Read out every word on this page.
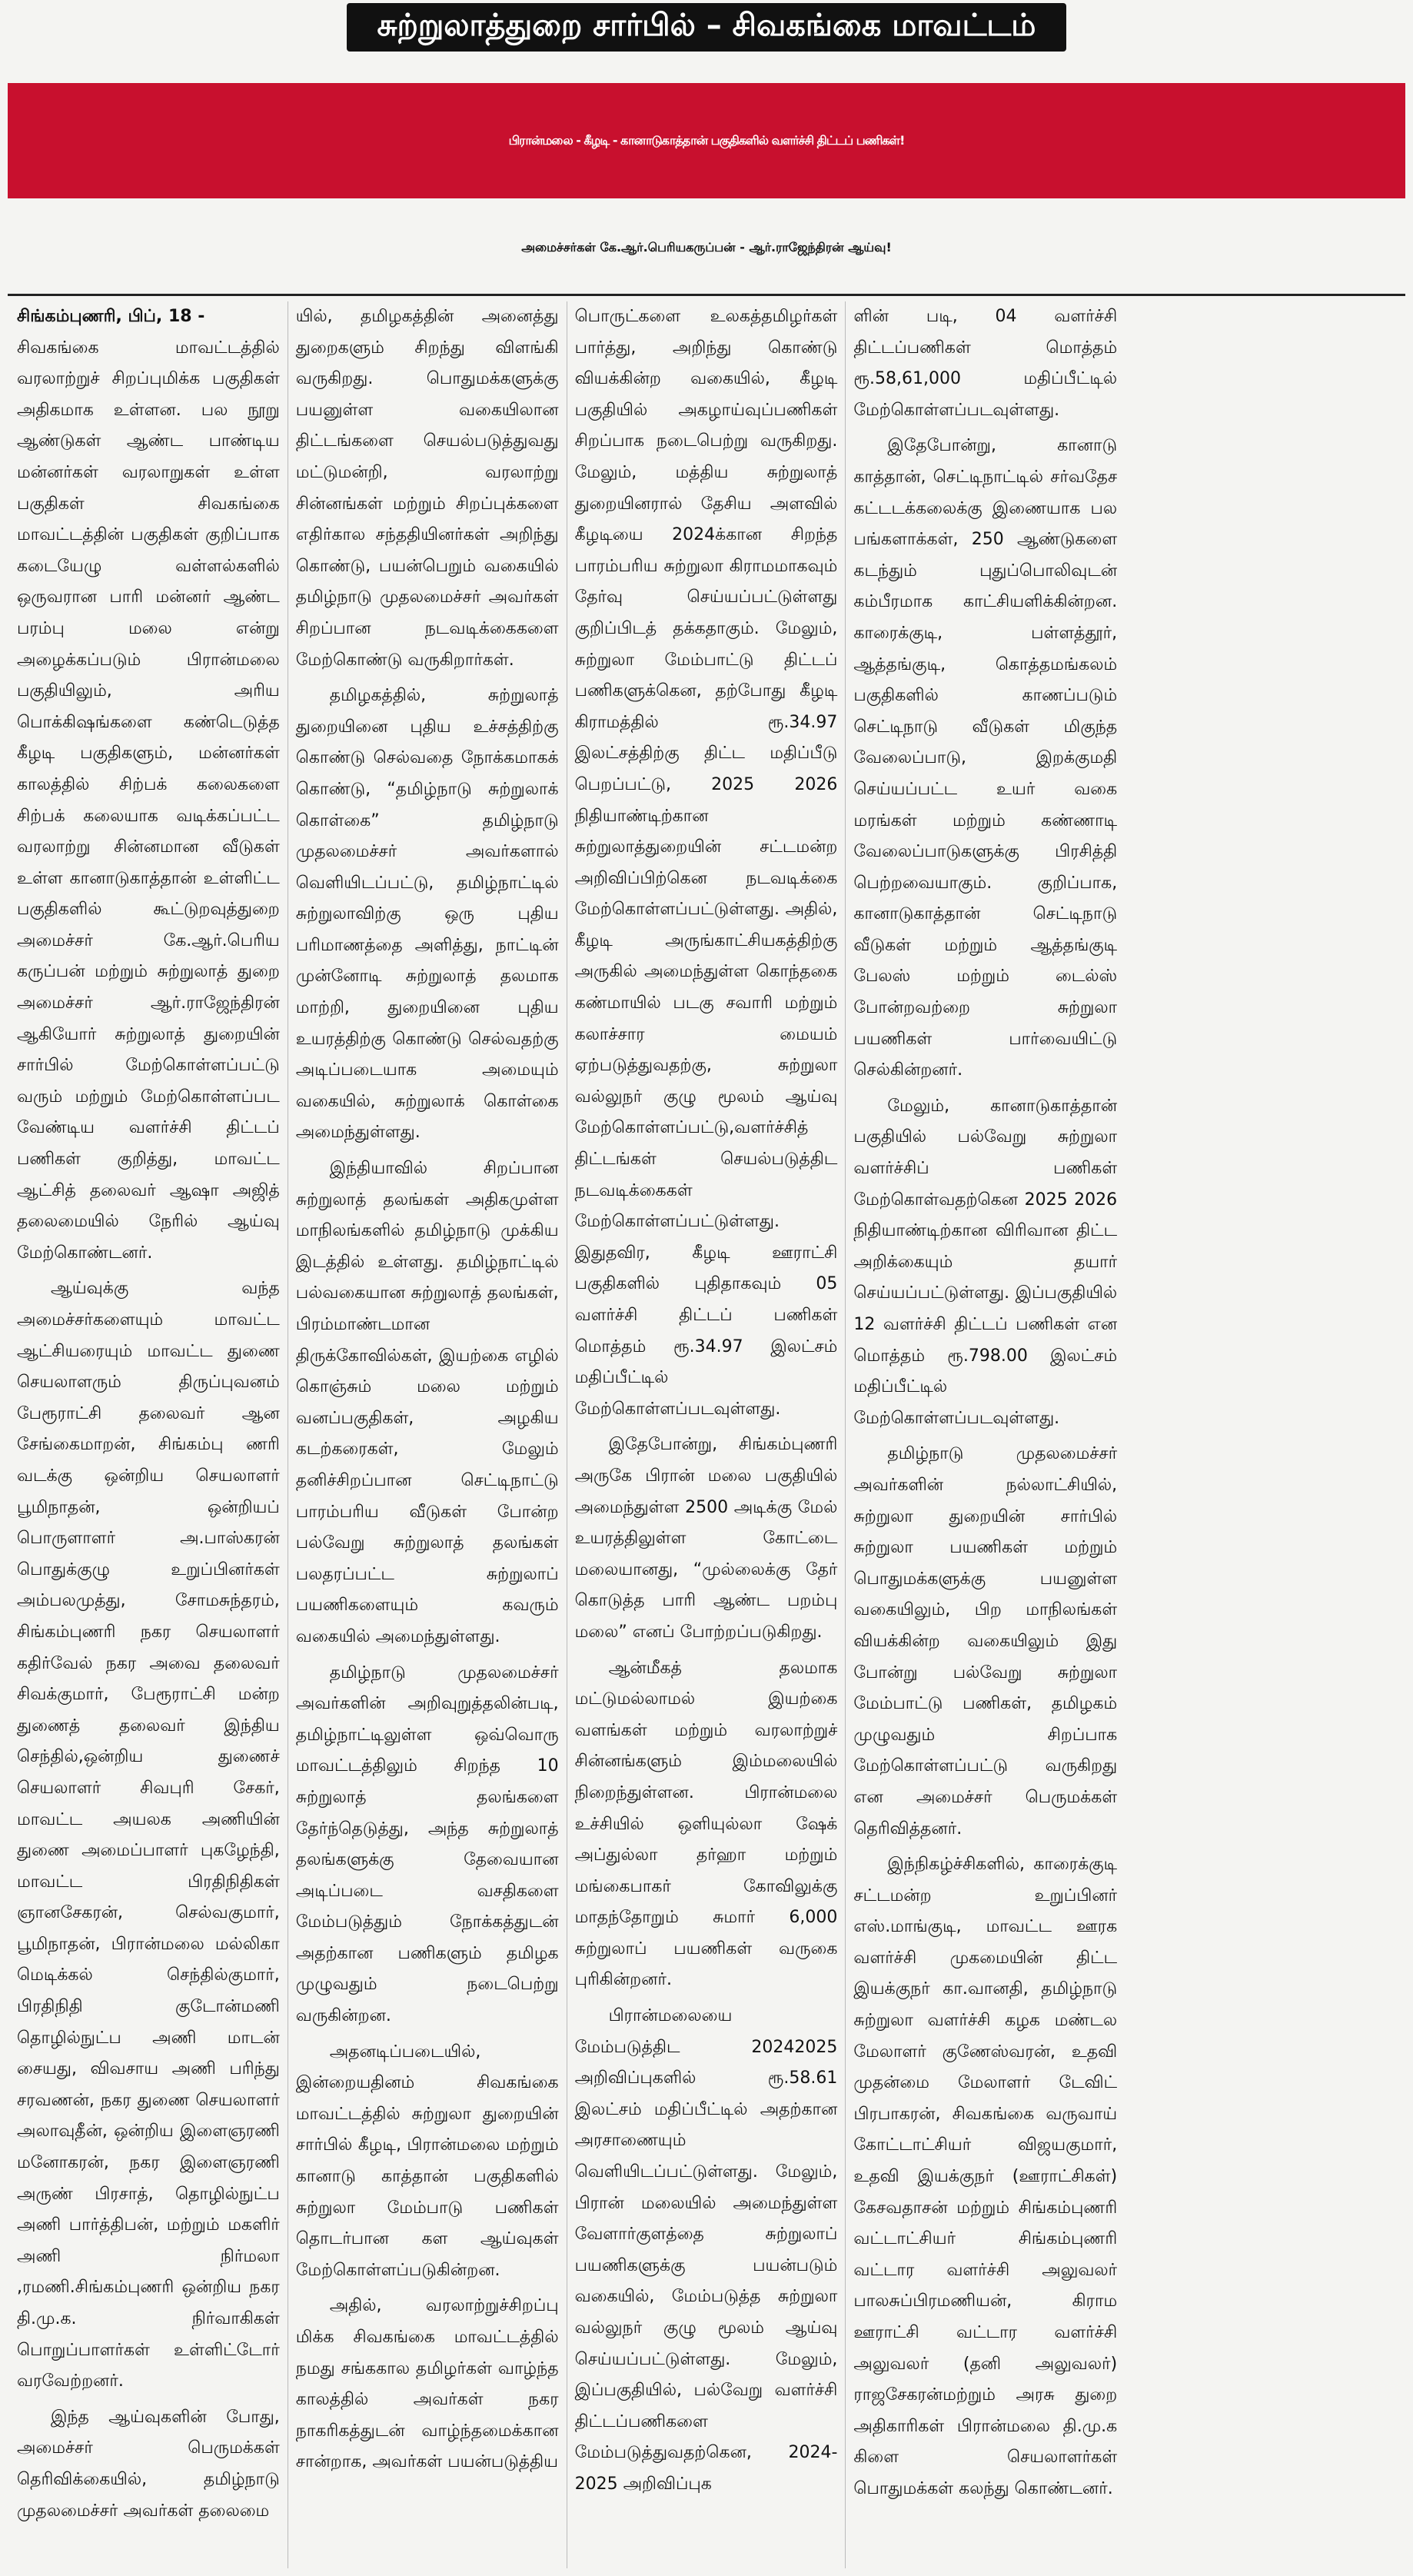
சுற்றுலாத்துறை சார்பில் – சிவகங்கை மாவட்டம்
பிரான்மலை - கீழடி - கானாடுகாத்தான் பகுதிகளில் வளர்ச்சி திட்டப் பணிகள்!
அமைச்சர்கள் கே.ஆர்.பெரியகருப்பன் - ஆர்.ராஜேந்திரன் ஆய்வு!

சிங்கம்புணரி, பிப், 18 -
சிவகங்கை மாவட்டத்தில் வரலாற்றுச் சிறப்புமிக்க பகுதிகள் அதிகமாக உள்ளன. பல நூறு ஆண்டுகள் ஆண்ட பாண்டிய மன்னர்கள் வரலாறுகள் உள்ள பகுதிகள் சிவகங்கை மாவட்டத்தின் பகுதிகள் குறிப்பாக கடையேழு வள்ளல்களில் ஒருவரான பாரி மன்னர் ஆண்ட பரம்பு மலை என்று அழைக்கப்படும் பிரான்மலை பகுதியிலும், அரிய பொக்கிஷங்களை கண்டெடுத்த கீழடி பகுதிகளும், மன்னர்கள் காலத்தில் சிற்பக் கலைகளை சிற்பக் கலையாக வடிக்கப்பட்ட வரலாற்று சின்னமான வீடுகள் உள்ள கானாடுகாத்தான் உள்ளிட்ட பகுதிகளில் கூட்டுறவுத்துறை அமைச்சர் கே.ஆர்.பெரிய கருப்பன் மற்றும் சுற்றுலாத் துறை அமைச்சர் ஆர்.ராஜேந்திரன் ஆகியோர் சுற்றுலாத் துறையின் சார்பில் மேற்கொள்ளப்பட்டு வரும் மற்றும் மேற்கொள்ளப்பட வேண்டிய வளர்ச்சி திட்டப் பணிகள் குறித்து, மாவட்ட ஆட்சித் தலைவர் ஆஷா அஜித் தலைமையில் நேரில் ஆய்வு மேற்கொண்டனர்.

ஆய்வுக்கு வந்த அமைச்சர்களையும் மாவட்ட ஆட்சியரையும் மாவட்ட துணை செயலாளரும் திருப்புவனம் பேரூராட்சி தலைவர் ஆன சேங்கைமாறன், சிங்கம்பு ணரி வடக்கு ஒன்றிய செயலாளர் பூமிநாதன், ஒன்றியப் பொருளாளர் அ.பாஸ்கரன் பொதுக்குழு உறுப்பினர்கள் அம்பலமுத்து, சோமசுந்தரம், சிங்கம்புணரி நகர செயலாளர் கதிர்வேல் நகர அவை தலைவர் சிவக்குமார், பேரூராட்சி மன்ற துணைத் தலைவர் இந்திய செந்தில்,ஒன்றிய துணைச் செயலாளர் சிவபுரி சேகர், மாவட்ட அயலக அணியின் துணை அமைப்பாளர் புகழேந்தி, மாவட்ட பிரதிநிதிகள் ஞானசேகரன், செல்வகுமார், பூமிநாதன், பிரான்மலை மல்லிகா மெடிக்கல் செந்தில்குமார், பிரதிநிதி குடோன்மணி தொழில்நுட்ப அணி மாடன் சையது, விவசாய அணி பரிந்து சரவணன், நகர துணை செயலாளர் அலாவுதீன், ஒன்றிய இளைஞரணி மனோகரன், நகர இளைஞரணி அருண் பிரசாத், தொழில்நுட்ப அணி பார்த்திபன், மற்றும் மகளிர் அணி நிர்மலா ,ரமணி.சிங்கம்புணரி ஒன்றிய நகர தி.மு.க. நிர்வாகிகள் பொறுப்பாளர்கள் உள்ளிட்டோர் வரவேற்றனர்.

இந்த ஆய்வுகளின் போது, அமைச்சர் பெருமக்கள் தெரிவிக்கையில், தமிழ்நாடு முதலமைச்சர் அவர்கள் தலைமை

யில், தமிழகத்தின் அனைத்து துறைகளும் சிறந்து விளங்கி வருகிறது. பொதுமக்களுக்கு பயனுள்ள வகையிலான திட்டங்களை செயல்படுத்துவது மட்டுமன்றி, வரலாற்று சின்னங்கள் மற்றும் சிறப்புக்களை எதிர்கால சந்ததியினர்கள் அறிந்து கொண்டு, பயன்பெறும் வகையில் தமிழ்நாடு முதலமைச்சர் அவர்கள் சிறப்பான நடவடிக்கைகளை மேற்கொண்டு வருகிறார்கள்.

தமிழகத்தில், சுற்றுலாத் துறையினை புதிய உச்சத்திற்கு கொண்டு செல்வதை நோக்கமாகக் கொண்டு, “தமிழ்நாடு சுற்றுலாக் கொள்கை” தமிழ்நாடு முதலமைச்சர் அவர்களால் வெளியிடப்பட்டு, தமிழ்நாட்டில் சுற்றுலாவிற்கு ஒரு புதிய பரிமாணத்தை அளித்து, நாட்டின் முன்னோடி சுற்றுலாத் தலமாக மாற்றி, துறையினை புதிய உயரத்திற்கு கொண்டு செல்வதற்கு அடிப்படையாக அமையும் வகையில், சுற்றுலாக் கொள்கை அமைந்துள்ளது.

இந்தியாவில் சிறப்பான சுற்றுலாத் தலங்கள் அதிகமுள்ள மாநிலங்களில் தமிழ்நாடு முக்கிய இடத்தில் உள்ளது. தமிழ்நாட்டில் பல்வகையான சுற்றுலாத் தலங்கள், பிரம்மாண்டமான திருக்கோவில்கள், இயற்கை எழில் கொஞ்சும் மலை மற்றும் வனப்பகுதிகள், அழகிய கடற்கரைகள், மேலும் தனிச்சிறப்பான செட்டிநாட்டு பாரம்பரிய வீடுகள் போன்ற பல்வேறு சுற்றுலாத் தலங்கள் பலதரப்பட்ட சுற்றுலாப் பயணிகளையும் கவரும் வகையில் அமைந்துள்ளது.

தமிழ்நாடு முதலமைச்சர் அவர்களின் அறிவுறுத்தலின்படி, தமிழ்நாட்டிலுள்ள ஒவ்வொரு மாவட்டத்திலும் சிறந்த 10 சுற்றுலாத் தலங்களை தேர்ந்தெடுத்து, அந்த சுற்றுலாத் தலங்களுக்கு தேவையான அடிப்படை வசதிகளை மேம்படுத்தும் நோக்கத்துடன் அதற்கான பணிகளும் தமிழக முழுவதும் நடைபெற்று வருகின்றன.

அதனடிப்படையில், இன்றையதினம் சிவகங்கை மாவட்டத்தில் சுற்றுலா துறையின் சார்பில் கீழடி, பிரான்மலை மற்றும் கானாடு காத்தான் பகுதிகளில் சுற்றுலா மேம்பாடு பணிகள் தொடர்பான கள ஆய்வுகள் மேற்கொள்ளப்படுகின்றன.

அதில், வரலாற்றுச்சிறப்பு மிக்க சிவகங்கை மாவட்டத்தில் நமது சங்ககால தமிழர்கள் வாழ்ந்த காலத்தில் அவர்கள் நகர நாகரிகத்துடன் வாழ்ந்தமைக்கான சான்றாக, அவர்கள் பயன்படுத்திய

பொருட்களை உலகத்தமிழர்கள் பார்த்து, அறிந்து கொண்டு வியக்கின்ற வகையில், கீழடி பகுதியில் அகழாய்வுப்பணிகள் சிறப்பாக நடைபெற்று வருகிறது. மேலும், மத்திய சுற்றுலாத் துறையினரால் தேசிய அளவில் கீழடியை 2024க்கான சிறந்த பாரம்பரிய சுற்றுலா கிராமமாகவும் தேர்வு செய்யப்பட்டுள்ளது குறிப்பிடத் தக்கதாகும். மேலும், சுற்றுலா மேம்பாட்டு திட்டப் பணிகளுக்கென, தற்போது கீழடி கிராமத்தில் ரூ.34.97 இலட்சத்திற்கு திட்ட மதிப்பீடு பெறப்பட்டு, 2025 2026 நிதியாண்டிற்கான சுற்றுலாத்துறையின் சட்டமன்ற அறிவிப்பிற்கென நடவடிக்கை மேற்கொள்ளப்பட்டுள்ளது. அதில், கீழடி அருங்காட்சியகத்திற்கு அருகில் அமைந்துள்ள கொந்தகை கண்மாயில் படகு சவாரி மற்றும் கலாச்சார மையம் ஏற்படுத்துவதற்கு, சுற்றுலா வல்லுநர் குழு மூலம் ஆய்வு மேற்கொள்ளப்பட்டு,வளர்ச்சித் திட்டங்கள் செயல்படுத்திட நடவடிக்கைகள் மேற்கொள்ளப்பட்டுள்ளது. இதுதவிர, கீழடி ஊராட்சி பகுதிகளில் புதிதாகவும் 05 வளர்ச்சி திட்டப் பணிகள் மொத்தம் ரூ.34.97 இலட்சம் மதிப்பீட்டில் மேற்கொள்ளப்படவுள்ளது.

இதேபோன்று, சிங்கம்புணரி அருகே பிரான் மலை பகுதியில் அமைந்துள்ள 2500 அடிக்கு மேல் உயரத்திலுள்ள கோட்டை மலையானது, “முல்லைக்கு தேர் கொடுத்த பாரி ஆண்ட பறம்பு மலை” எனப் போற்றப்படுகிறது.

ஆன்மீகத் தலமாக மட்டுமல்லாமல் இயற்கை வளங்கள் மற்றும் வரலாற்றுச் சின்னங்களும் இம்மலையில் நிறைந்துள்ளன. பிரான்மலை உச்சியில் ஒளியுல்லா ஷேக் அப்துல்லா தர்ஹா மற்றும் மங்கைபாகர் கோவிலுக்கு மாதந்தோறும் சுமார் 6,000 சுற்றுலாப் பயணிகள் வருகை புரிகின்றனர்.

பிரான்மலையை மேம்படுத்திட 20242025 அறிவிப்புகளில் ரூ.58.61 இலட்சம் மதிப்பீட்டில் அதற்கான அரசாணையும் வெளியிடப்பட்டுள்ளது. மேலும், பிரான் மலையில் அமைந்துள்ள வேளார்குளத்தை சுற்றுலாப் பயணிகளுக்கு பயன்படும் வகையில், மேம்படுத்த சுற்றுலா வல்லுநர் குழு மூலம் ஆய்வு செய்யப்பட்டுள்ளது. மேலும், இப்பகுதியில், பல்வேறு வளர்ச்சி திட்டப்பணிகளை மேம்படுத்துவதற்கென, 2024-2025 அறிவிப்புக

ளின் படி, 04 வளர்ச்சி திட்டப்பணிகள் மொத்தம் ரூ.58,61,000 மதிப்பீட்டில் மேற்கொள்ளப்படவுள்ளது.

இதேபோன்று, கானாடு காத்தான், செட்டிநாட்டில் சர்வதேச கட்டடக்கலைக்கு இணையாக பல பங்களாக்கள், 250 ஆண்டுகளை கடந்தும் புதுப்பொலிவுடன் கம்பீரமாக காட்சியளிக்கின்றன. காரைக்குடி, பள்ளத்தூர், ஆத்தங்குடி, கொத்தமங்கலம் பகுதிகளில் காணப்படும் செட்டிநாடு வீடுகள் மிகுந்த வேலைப்பாடு, இறக்குமதி செய்யப்பட்ட உயர் வகை மரங்கள் மற்றும் கண்ணாடி வேலைப்பாடுகளுக்கு பிரசித்தி பெற்றவையாகும். குறிப்பாக, கானாடுகாத்தான் செட்டிநாடு வீடுகள் மற்றும் ஆத்தங்குடி பேலஸ் மற்றும் டைல்ஸ் போன்றவற்றை சுற்றுலா பயணிகள் பார்வையிட்டு செல்கின்றனர்.

மேலும், கானாடுகாத்தான் பகுதியில் பல்வேறு சுற்றுலா வளர்ச்சிப் பணிகள் மேற்கொள்வதற்கென 2025 2026 நிதியாண்டிற்கான விரிவான திட்ட அறிக்கையும் தயார் செய்யப்பட்டுள்ளது. இப்பகுதியில் 12 வளர்ச்சி திட்டப் பணிகள் என மொத்தம் ரூ.798.00 இலட்சம் மதிப்பீட்டில் மேற்கொள்ளப்படவுள்ளது.

தமிழ்நாடு முதலமைச்சர் அவர்களின் நல்லாட்சியில், சுற்றுலா துறையின் சார்பில் சுற்றுலா பயணிகள் மற்றும் பொதுமக்களுக்கு பயனுள்ள வகையிலும், பிற மாநிலங்கள் வியக்கின்ற வகையிலும் இது போன்று பல்வேறு சுற்றுலா மேம்பாட்டு பணிகள், தமிழகம் முழுவதும் சிறப்பாக மேற்கொள்ளப்பட்டு வருகிறது என அமைச்சர் பெருமக்கள் தெரிவித்தனர்.

இந்நிகழ்ச்சிகளில், காரைக்குடி சட்டமன்ற உறுப்பினர் எஸ்.மாங்குடி, மாவட்ட ஊரக வளர்ச்சி முகமையின் திட்ட இயக்குநர் கா.வானதி, தமிழ்நாடு சுற்றுலா வளர்ச்சி கழக மண்டல மேலாளர் குணேஸ்வரன், உதவி முதன்மை மேலாளர் டேவிட் பிரபாகரன், சிவகங்கை வருவாய் கோட்டாட்சியர் விஜயகுமார், உதவி இயக்குநர் (ஊராட்சிகள்) கேசவதாசன் மற்றும் சிங்கம்புணரி வட்டாட்சியர் சிங்கம்புணரி வட்டார வளர்ச்சி அலுவலர் பாலசுப்பிரமணியன், கிராம ஊராட்சி வட்டார வளர்ச்சி அலுவலர் (தனி அலுவலர்) ராஜசேகரன்மற்றும் அரசு துறை அதிகாரிகள் பிரான்மலை தி.மு.க கிளை செயலாளர்கள் பொதுமக்கள் கலந்து கொண்டனர்.
